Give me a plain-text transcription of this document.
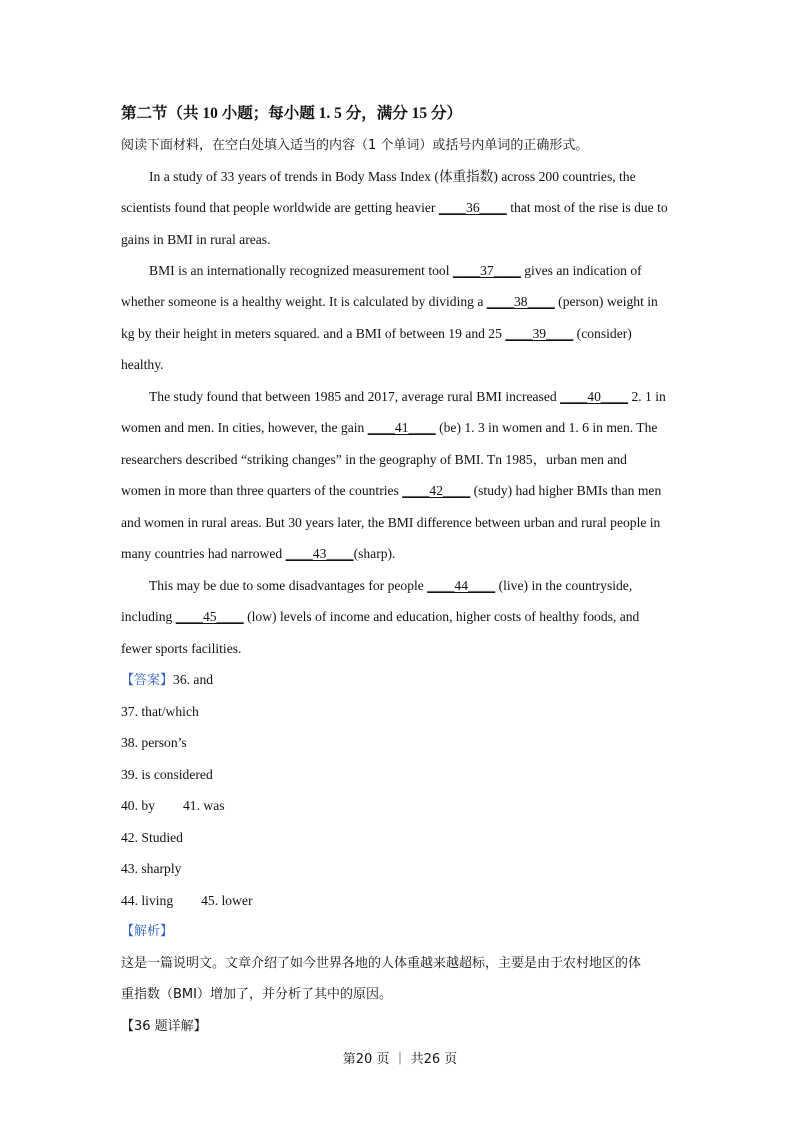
第二节（共 10 小题；每小题 1. 5 分，满分 15 分）
阅读下面材料，在空白处填入适当的内容（1 个单词）或括号内单词的正确形式。
In a study of 33 years of trends in Body Mass Index (体重指数) across 200 countries, the
scientists found that people worldwide are getting heavier ____36____ that most of the rise is due to
gains in BMI in rural areas.
BMI is an internationally recognized measurement tool ____37____ gives an indication of
whether someone is a healthy weight. It is calculated by dividing a ____38____ (person) weight in
kg by their height in meters squared. and a BMI of between 19 and 25 ____39____ (consider)
healthy.
The study found that between 1985 and 2017, average rural BMI increased ____40____ 2. 1 in
women and men. In cities, however, the gain ____41____ (be) 1. 3 in women and 1. 6 in men. The
researchers described “striking changes” in the geography of BMI. Tn 1985，urban men and
women in more than three quarters of the countries ____42____ (study) had higher BMIs than men
and women in rural areas. But 30 years later, the BMI difference between urban and rural people in
many countries had narrowed ____43____(sharp).
This may be due to some disadvantages for people ____44____ (live) in the countryside,
including ____45____ (low) levels of income and education, higher costs of healthy foods, and
fewer sports facilities.
【答案】36. and
37. that/which
38. person’s
39. is considered
40. by 41. was
42. Studied
43. sharply
44. living 45. lower
【解析】
这是一篇说明文。文章介绍了如今世界各地的人体重越来越超标，主要是由于农村地区的体
重指数（BMI）增加了，并分析了其中的原因。
【36 题详解】
第20 页 ｜ 共26 页
